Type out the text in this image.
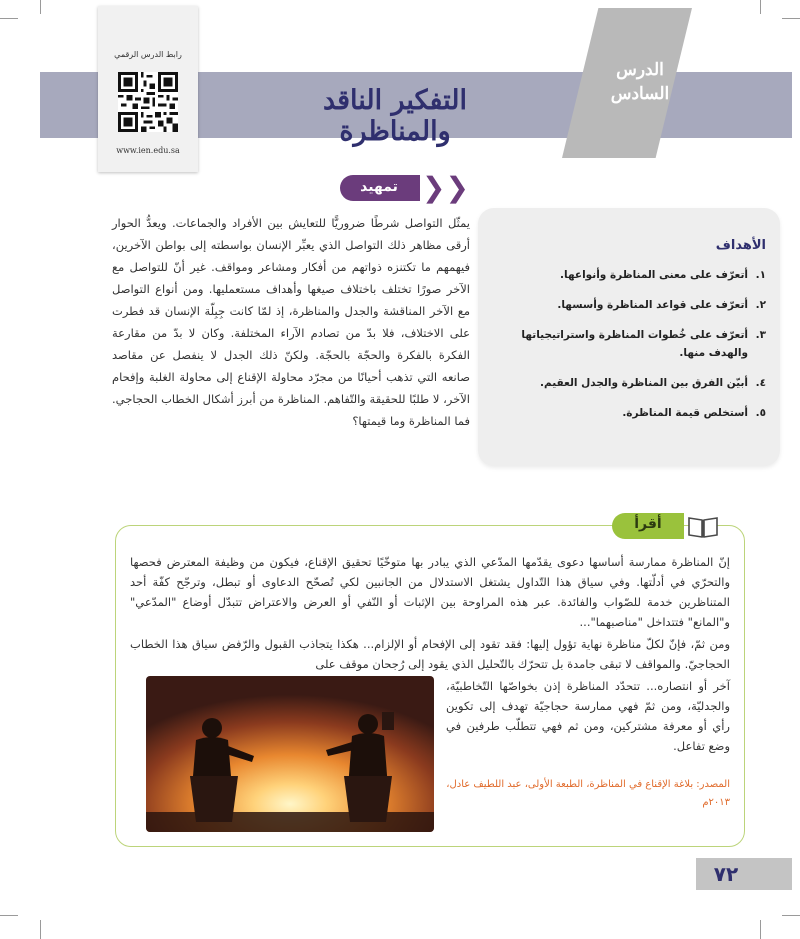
الدرس
السادس
التفكير الناقد والمناظرة
رابط الدرس الرقمي
www.ien.edu.sa
تمهيد ❯❯
يمثّل التواصل شرطًا ضروريًّا للتعايش بين الأفراد والجماعات. ويعدُّ الحوار أرقى مظاهر ذلك التواصل الذي يعبِّر الإنسان بواسطته إلى بواطن الآخرين، فيهمهم ما تكتنزه ذواتهم من أفكار ومشاعر ومواقف. غير أنّ للتواصل مع الآخر صورًا تختلف باختلاف صيغها وأهداف مستعمليها. ومن أنواع التواصل مع الآخر المناقشة والجدل والمناظرة، إذ لمّا كانت جِبِلّة الإنسان قد فطرت على الاختلاف، فلا بدّ من تصادم الآراء المختلفة. وكان لا بدّ من مقارعة الفكرة بالفكرة والحجّة بالحجّة. ولكنّ ذلك الجدل لا ينفصل عن مقاصد صانعه التي تذهب أحيانًا من مجرّد محاولة الإقناع إلى محاولة الغلبة وإفحام الآخر، لا طلبًا للحقيقة والتّفاهم. المناظرة من أبرز أشكال الخطاب الحجاجي. فما المناظرة وما قيمتها؟
الأهداف
١.
أتعرّف على معنى المناظرة وأنواعها.
٢.
أتعرّف على قواعد المناظرة وأسسها.
٣.
أتعرّف على خُطوات المناظرة واستراتيجياتها والهدف منها.
٤.
أبيّن الفرق بين المناظرة والجدل العقيم.
٥.
أستخلص قيمة المناظرة.
أقرأ
إنّ المناظرة ممارسة أساسها دعوى يقدّمها المدّعي الذي يبادر بها متوخّيًا تحقيق الإقناع، فيكون من وظيفة المعترض فحصها والتحرّي في أدلّتها. وفي سياق هذا التّداول يشتغل الاستدلال من الجانبين لكي تُصحّح الدعاوى أو تبطل، وترجّح كفّة أحد المتناظرين خدمة للصّواب والفائدة. عبر هذه المراوحة بين الإثبات أو النّفي أو العرض والاعتراض تتبدّل أوضاع "المدّعي" و"المانع" فتتداخل "مناصبهما"...
ومن ثمّ، فإنّ لكلّ مناظرة نهاية تؤول إليها: فقد تقود إلى الإفحام أو الإلزام... هكذا يتجاذب القبول والرّفض سياق هذا الخطاب الحجاجيّ. والمواقف لا تبقى جامدة بل تتحرّك بالتّحليل الذي يقود إلى رُجحان موقف على
آخر أو انتصاره... تتحدّد المناظرة إذن بخواصّها التّخاطبيّة، والجدليّة، ومن ثمّ فهي ممارسة حجاجيّة تهدف إلى تكوين رأي أو معرفة مشتركين، ومن ثم فهي تتطلّب طرفين في وضع تفاعل.
المصدر: بلاغة الإقناع في المناظرة، الطبعة الأولى، عبد اللطيف عادل، ٢٠١٣م
٧٢
